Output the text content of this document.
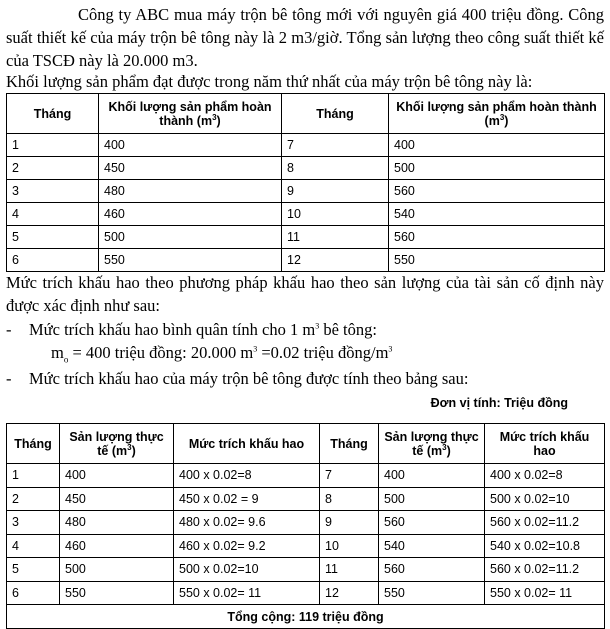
Công ty ABC mua máy trộn bê tông mới với nguyên giá 400 triệu đồng. Công suất thiết kế của máy trộn bê tông này là 2 m3/giờ. Tổng sản lượng theo công suất thiết kế của TSCĐ này là 20.000 m3.
Khối lượng sản phẩm đạt được trong năm thứ nhất của máy trộn bê tông này là:
Tháng	Khối lượng sản phẩm hoàn thành $(m^3)$	Tháng	Khối lượng sản phẩm hoàn thành $(m^3)$
1	400	7	400
2	450	8	500
3	480	9	560
4	460	10	540
5	500	11	560
6	550	12	550
Mức trích khấu hao theo phương pháp khấu hao theo sản lượng của tài sản cố định này được xác định như sau:
- Mức trích khấu hao bình quân tính cho 1 $m^3$ bê tông:
$m_o = 400$ triệu đồng: 20.000 $m^3 =0.02$ triệu đồng/$m^3$
- Mức trích khấu hao của máy trộn bê tông được tính theo bảng sau:
Đơn vị tính: Triệu đồng
Tháng	Sản lượng thực tế $(m^3)$	Mức trích khấu hao	Tháng	Sản lượng thực tế $(m^3)$	Mức trích khấu hao
1	400	400 x 0.02=8	7	400	400 x 0.02=8
2	450	450 x 0.02 = 9	8	500	500 x 0.02=10
3	480	480 x 0.02= 9.6	9	560	560 x 0.02=11.2
4	460	460 x 0.02= 9.2	10	540	540 x 0.02=10.8
5	500	500 x 0.02=10	11	560	560 x 0.02=11.2
6	550	550 x 0.02= 11	12	550	550 x 0.02= 11
Tổng cộng: 119 triệu đồng					
